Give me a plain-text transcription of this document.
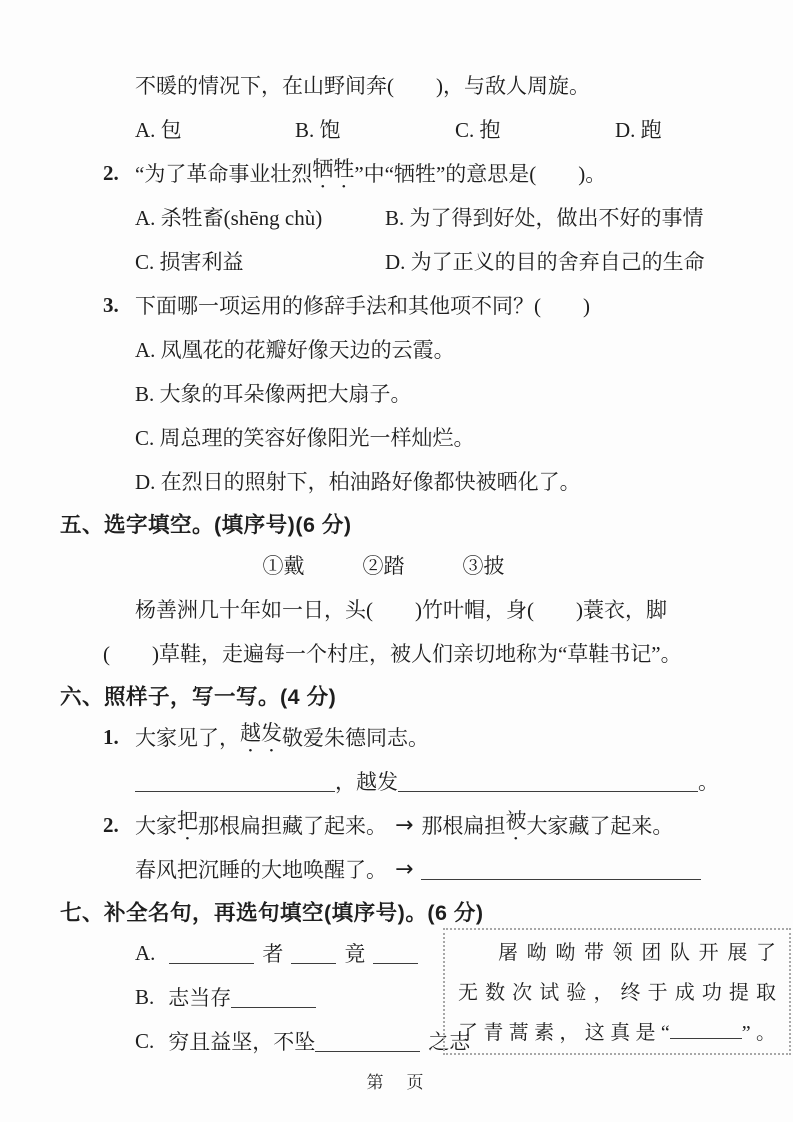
不暖的情况下，在山野间奔(　　)，与敌人周旋。
A. 包	B. 饱	C. 抱	D. 跑
2. “为了革命事业壮烈 牺牲 ”中“牺牲”的意思是(　　)。
A. 杀牲畜(shēng chù)	B. 为了得到好处，做出不好的事情
C. 损害利益	D. 为了正义的目的舍弃自己的生命
3. 下面哪一项运用的修辞手法和其他项不同？(　　)
A. 凤凰花的花瓣好像天边的云霞。
B. 大象的耳朵像两把大扇子。
C. 周总理的笑容好像阳光一样灿烂。
D. 在烈日的照射下，柏油路好像都快被晒化了。
五、选字填空。(填序号)(6 分)
①戴	②踏	③披
杨善洲几十年如一日，头(　　)竹叶帽，身(　　)蓑衣，脚
(　　)草鞋，走遍每一个村庄，被人们亲切地称为“草鞋书记”。
六、照样子，写一写。(4 分)
1. 大家见了， 越发 敬爱朱德同志。
，越发	。
2. 大家 把 那根扁担藏了起来。 → 那根扁担 被 大家藏了起来。
春风把沉睡的大地唤醒了。 →
七、补全名句，再选句填空(填序号)。(6 分)
A.	者	竟
B. 志当存
C. 穷且益坚，不坠	之志
屠呦呦带领团队开展了
无数次试验，终于成功提取
了青蒿素，这真是“	”。
第　页
